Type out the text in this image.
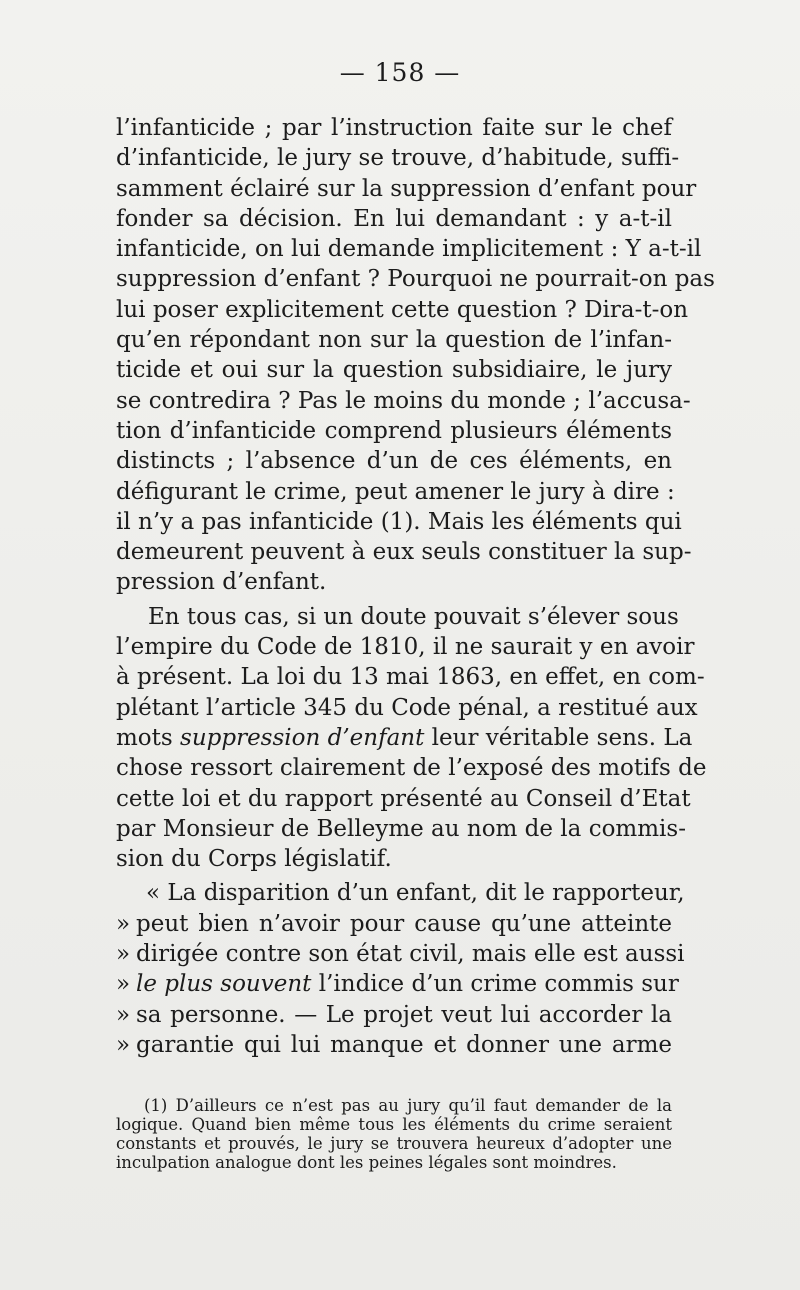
— 158 —
l’infanticide ; par l’instruction faite sur le chef
d’infanticide, le jury se trouve, d’habitude, suffi-
samment éclairé sur la suppression d’enfant pour
fonder sa décision. En lui demandant : y a-t-il
infanticide, on lui demande implicitement : Y a-t-il
suppression d’enfant ? Pourquoi ne pourrait-on pas
lui poser explicitement cette question ? Dira-t-on
qu’en répondant non sur la question de l’infan-
ticide et oui sur la question subsidiaire, le jury
se contredira ? Pas le moins du monde ; l’accusa-
tion d’infanticide comprend plusieurs éléments
distincts ; l’absence d’un de ces éléments, en
défigurant le crime, peut amener le jury à dire :
il n’y a pas infanticide (1). Mais les éléments qui
demeurent peuvent à eux seuls constituer la sup-
pression d’enfant.
En tous cas, si un doute pouvait s’élever sous
l’empire du Code de 1810, il ne saurait y en avoir
à présent. La loi du 13 mai 1863, en effet, en com-
plétant l’article 345 du Code pénal, a restitué aux
mots suppression d’enfant leur véritable sens. La
chose ressort clairement de l’exposé des motifs de
cette loi et du rapport présenté au Conseil d’Etat
par Monsieur de Belleyme au nom de la commis-
sion du Corps législatif.
« La disparition d’un enfant, dit le rapporteur,
» peut bien n’avoir pour cause qu’une atteinte
» dirigée contre son état civil, mais elle est aussi
» le plus souvent l’indice d’un crime commis sur
» sa personne. — Le projet veut lui accorder la
» garantie qui lui manque et donner une arme
(1) D’ailleurs ce n’est pas au jury qu’il faut demander de la
logique. Quand bien même tous les éléments du crime seraient
constants et prouvés, le jury se trouvera heureux d’adopter une
inculpation analogue dont les peines légales sont moindres.
